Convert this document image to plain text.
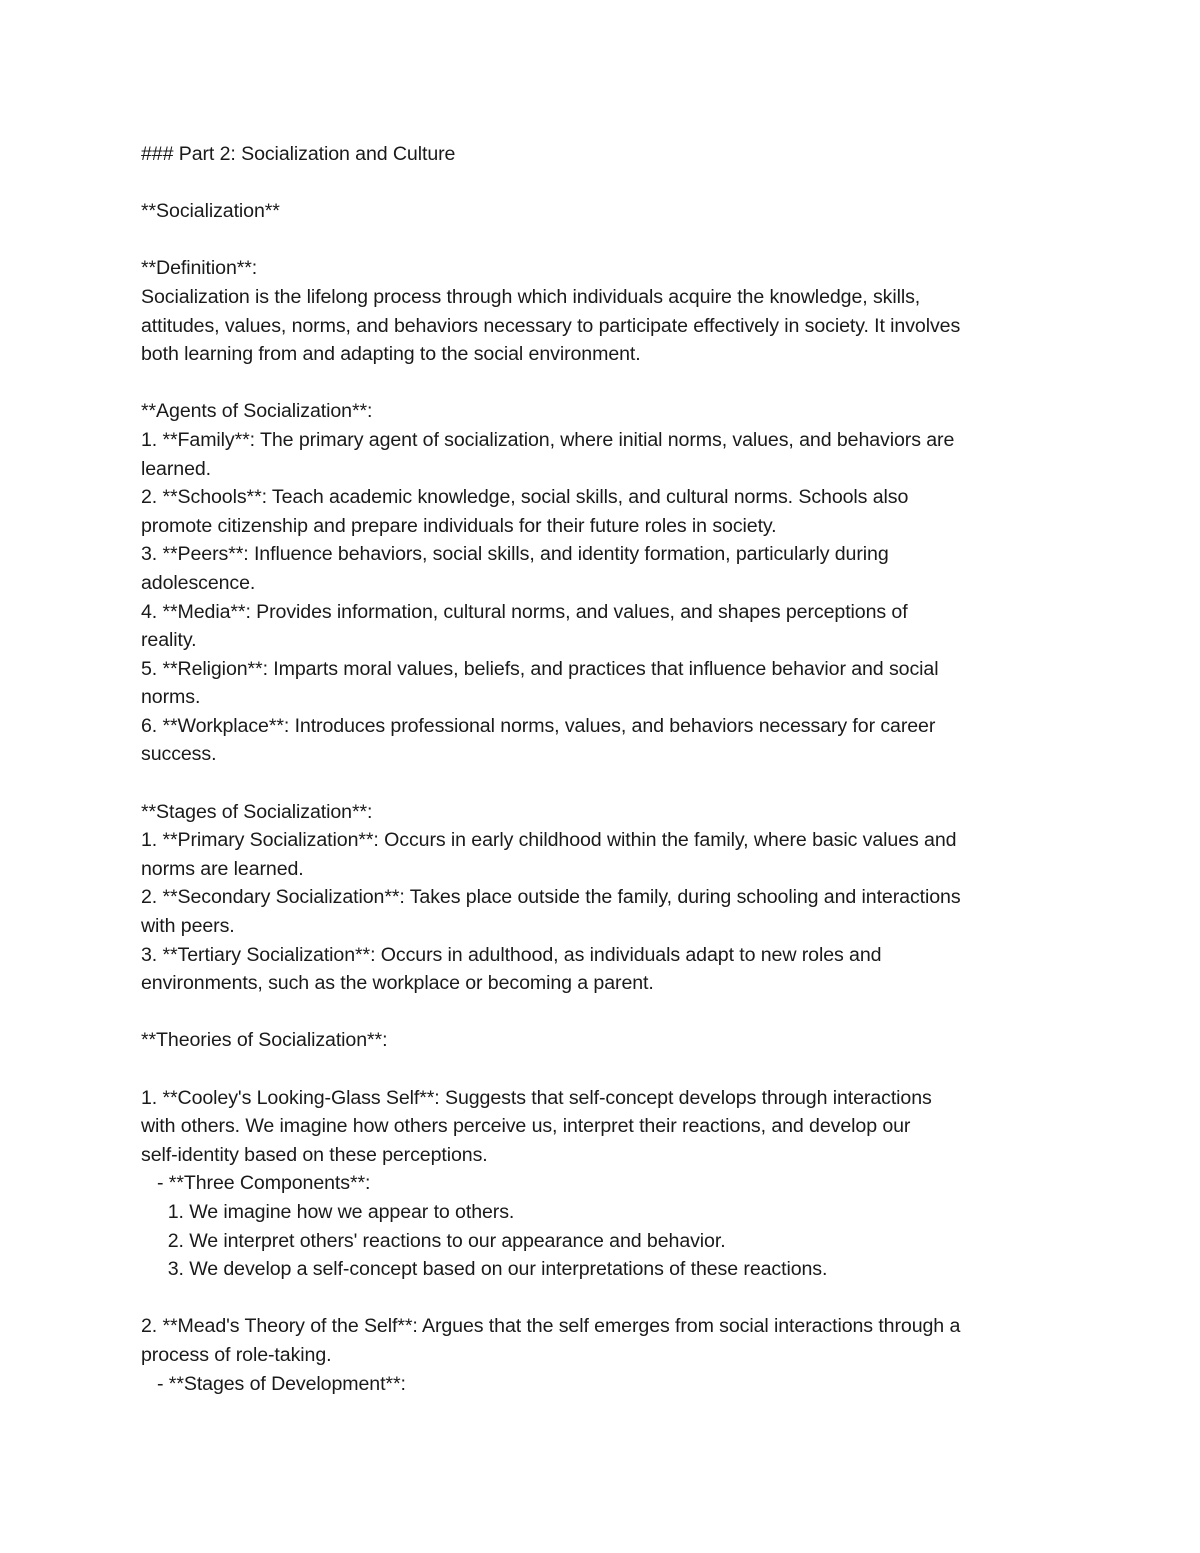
### Part 2: Socialization and Culture
**Socialization**
**Definition**:
Socialization is the lifelong process through which individuals acquire the knowledge, skills,
attitudes, values, norms, and behaviors necessary to participate effectively in society. It involves
both learning from and adapting to the social environment.
**Agents of Socialization**:
1. **Family**: The primary agent of socialization, where initial norms, values, and behaviors are
learned.
2. **Schools**: Teach academic knowledge, social skills, and cultural norms. Schools also
promote citizenship and prepare individuals for their future roles in society.
3. **Peers**: Influence behaviors, social skills, and identity formation, particularly during
adolescence.
4. **Media**: Provides information, cultural norms, and values, and shapes perceptions of
reality.
5. **Religion**: Imparts moral values, beliefs, and practices that influence behavior and social
norms.
6. **Workplace**: Introduces professional norms, values, and behaviors necessary for career
success.
**Stages of Socialization**:
1. **Primary Socialization**: Occurs in early childhood within the family, where basic values and
norms are learned.
2. **Secondary Socialization**: Takes place outside the family, during schooling and interactions
with peers.
3. **Tertiary Socialization**: Occurs in adulthood, as individuals adapt to new roles and
environments, such as the workplace or becoming a parent.
**Theories of Socialization**:
1. **Cooley's Looking-Glass Self**: Suggests that self-concept develops through interactions
with others. We imagine how others perceive us, interpret their reactions, and develop our
self-identity based on these perceptions.
- **Three Components**:
1. We imagine how we appear to others.
2. We interpret others' reactions to our appearance and behavior.
3. We develop a self-concept based on our interpretations of these reactions.
2. **Mead's Theory of the Self**: Argues that the self emerges from social interactions through a
process of role-taking.
- **Stages of Development**:
